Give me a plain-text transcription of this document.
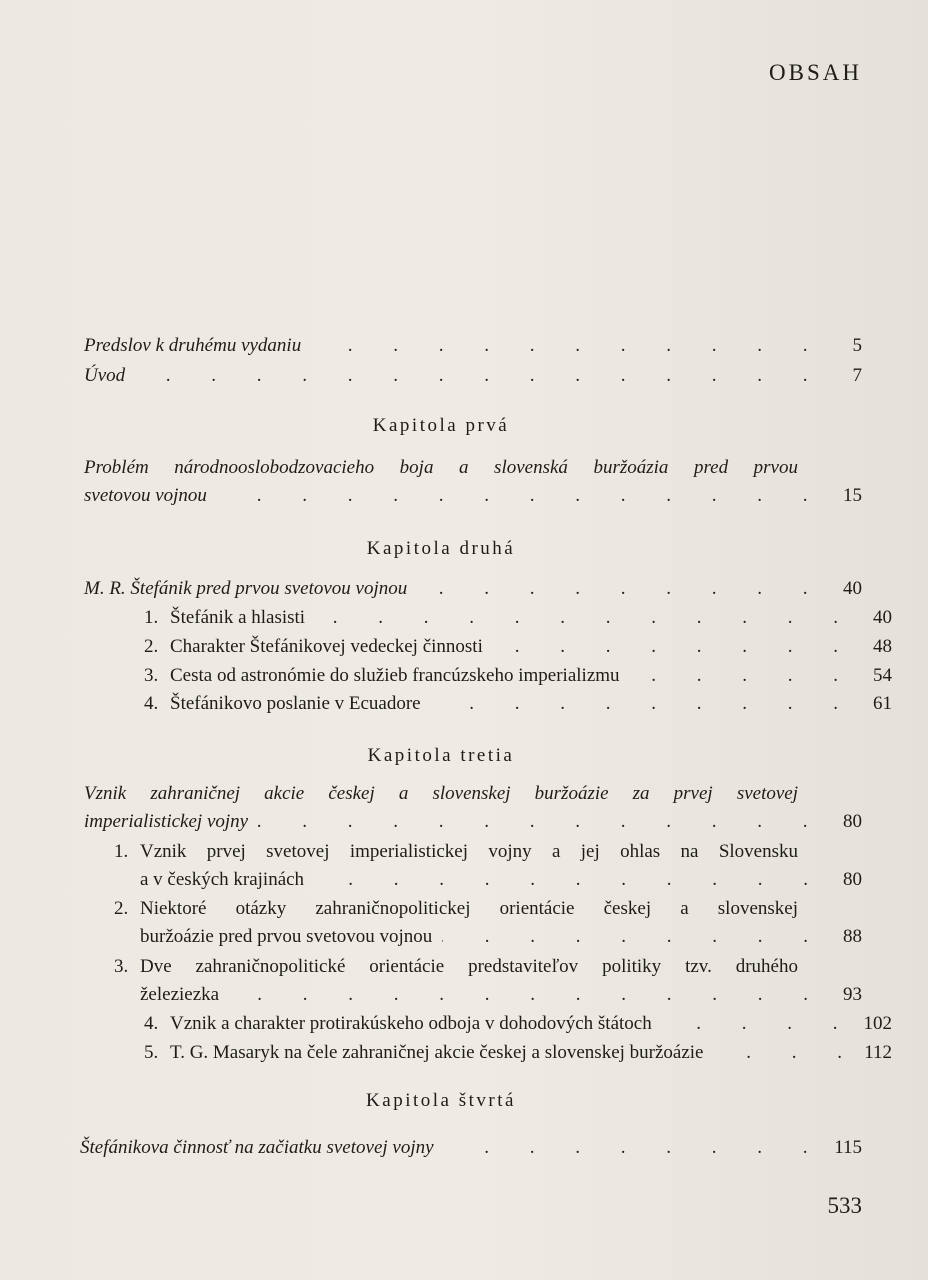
OBSAH
Predslov k druhému vydaniu . . .	5
Úvod . . .	7
Kapitola prvá
Problém národnooslobodzovacieho boja a slovenská buržoázia pred prvou
svetovou vojnou . . .	15
Kapitola druhá
M. R. Štefánik pred prvou svetovou vojnou . . .	40
1. Štefánik a hlasisti . . .	40
2. Charakter Štefánikovej vedeckej činnosti . . .	48
3. Cesta od astronómie do služieb francúzskeho imperializmu . . .	54
4. Štefánikovo poslanie v Ecuadore . . .	61
Kapitola tretia
Vznik zahraničnej akcie českej a slovenskej buržoázie za prvej svetovej
imperialistickej vojny . . .	80
1. Vznik prvej svetovej imperialistickej vojny a jej ohlas na Slovensku
a v českých krajinách . . .	80
2. Niektoré otázky zahraničnopolitickej orientácie českej a slovenskej
buržoázie pred prvou svetovou vojnou . . .	88
3. Dve zahraničnopolitické orientácie predstaviteľov politiky tzv. druhého
železiezka . . .	93
4. Vznik a charakter protirakúskeho odboja v dohodových štátoch . . .	102
5. T. G. Masaryk na čele zahraničnej akcie českej a slovenskej buržoázie . . .	112
Kapitola štvrtá
Štefánikova činnosť na začiatku svetovej vojny . . .	115
533
